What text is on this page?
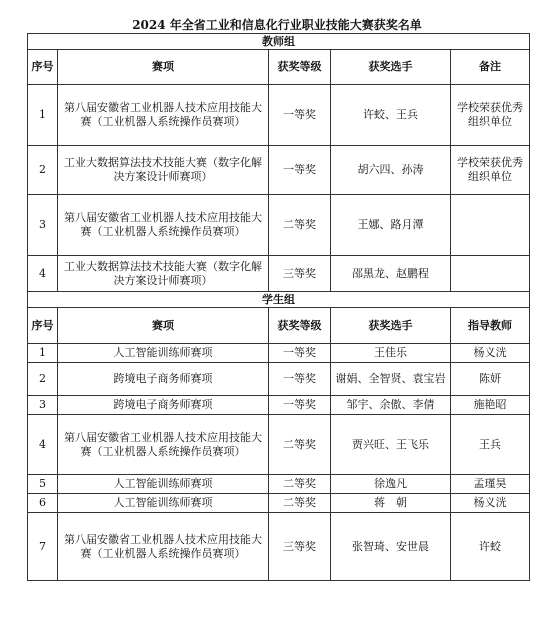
2024 年全省工业和信息化行业职业技能大赛获奖名单
教师组				
序号	赛项	获奖等级	获奖选手	备注
1	第八届安徽省工业机器人技术应用技能大赛（工业机器人系统操作员赛项）	一等奖	许蛟、王兵	学校荣获优秀组织单位
2	工业大数据算法技术技能大赛（数字化解决方案设计师赛项）	一等奖	胡六四、孙涛	学校荣获优秀组织单位
3	第八届安徽省工业机器人技术应用技能大赛（工业机器人系统操作员赛项）	二等奖	王娜、路月潭	
4	工业大数据算法技术技能大赛（数字化解决方案设计师赛项）	三等奖	邵黑龙、赵鹏程	
学生组				
序号	赛项	获奖等级	获奖选手	指导教师
1	人工智能训练师赛项	一等奖	王佳乐	杨义洸
2	跨境电子商务师赛项	一等奖	谢娟、全智贤、袁宝岩	陈妍
3	跨境电子商务师赛项	一等奖	邹宇、余傲、李倩	施艳昭
4	第八届安徽省工业机器人技术应用技能大赛（工业机器人系统操作员赛项）	二等奖	贾兴旺、王飞乐	王兵
5	人工智能训练师赛项	二等奖	徐逸凡	孟瑾昊
6	人工智能训练师赛项	二等奖	蒋　朝	杨义洸
7	第八届安徽省工业机器人技术应用技能大赛（工业机器人系统操作员赛项）	三等奖	张智琦、安世晨	许蛟
